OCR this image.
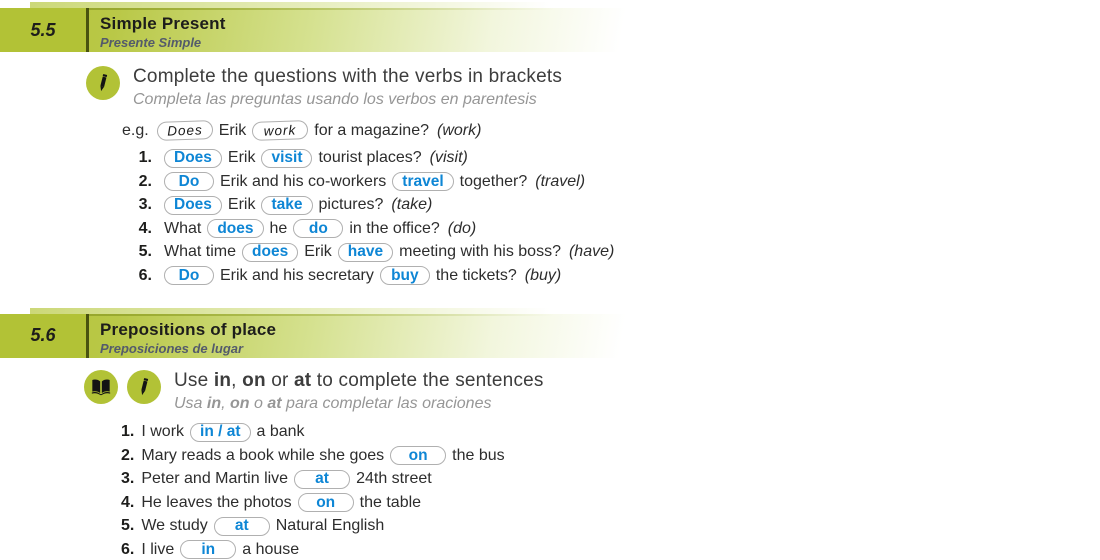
5.5	Simple Present
Presente Simple
Complete the questions with the verbs in brackets
Completa las preguntas usando los verbos en parentesis
e.g.	Does Erik	work	for a magazine? (work)
1.	Does	Erik	visit	tourist places? (visit)
2.	Do	Erik and his co-workers	travel	together? (travel)
3.	Does	Erik	take	pictures? (take)
4. What	does	he	do	in the office? (do)
5. What time	does	Erik	have	meeting with his boss? (have)
6.	Do	Erik and his secretary	buy	the tickets? (buy)
5.6	Prepositions of place
Preposiciones de lugar
Use in, on or at to complete the sentences
Usa in, on o at para completar las oraciones
1. I work	in / at	a bank
2. Mary reads a book while she goes	on	the bus
3. Peter and Martin live	at	24th street
4. He leaves the photos	on	the table
5. We study	at	Natural English
6. I live	in	a house
